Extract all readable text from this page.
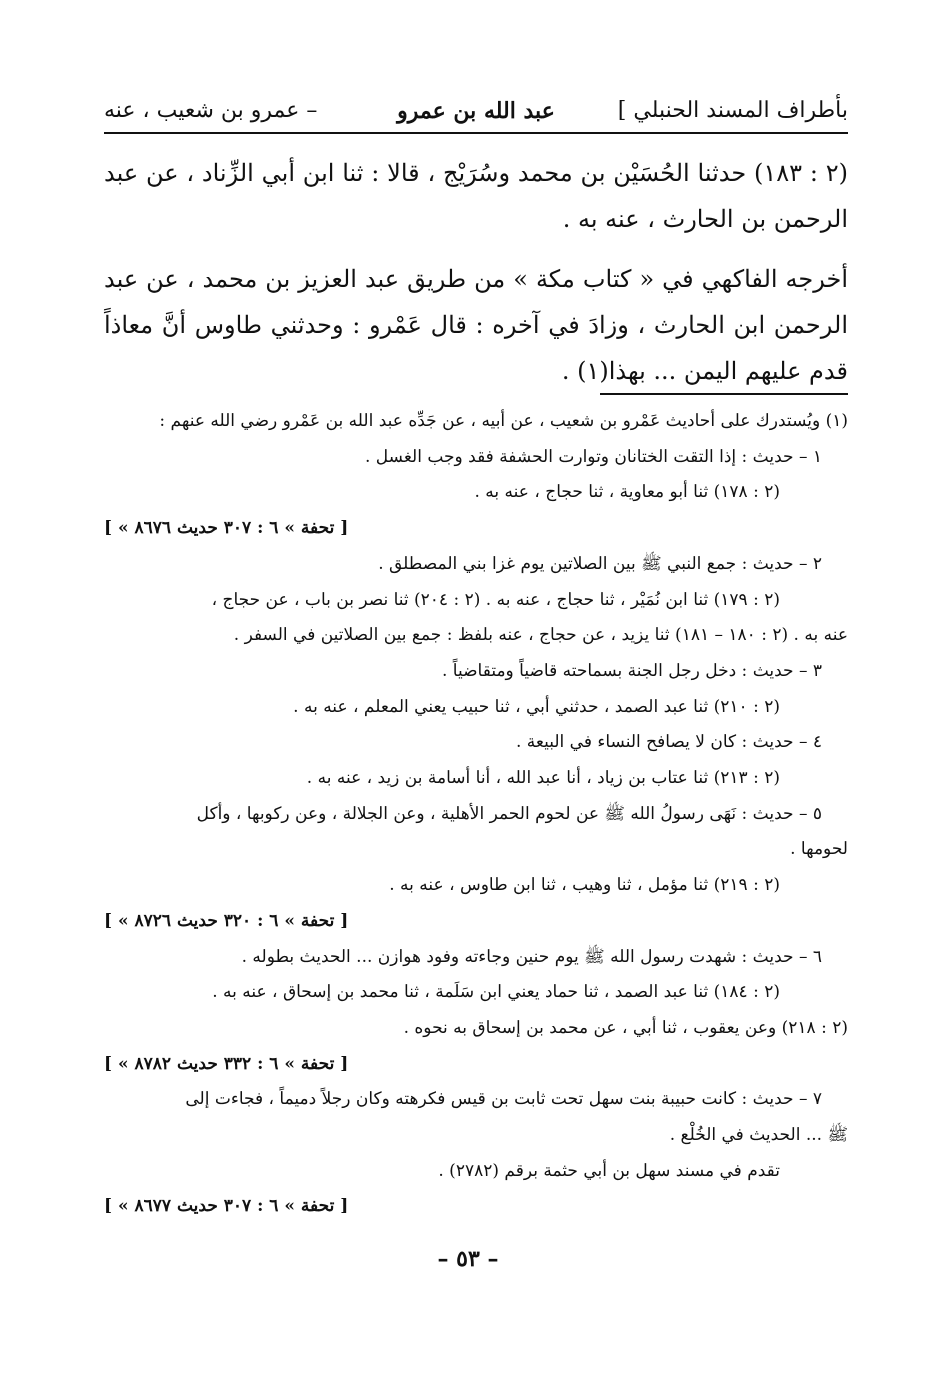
بأطراف المسند الحنبلي ]
عبد الله بن عمرو
– عمرو بن شعيب ، عنه

(٢ : ١٨٣) حدثنا الحُسَيْن بن محمد وسُرَيْج ، قالا : ثنا ابن أبي الزِّناد ، عن عبد الرحمن بن الحارث ، عنه به .

أخرجه الفاكهي في « كتاب مكة » من طريق عبد العزيز بن محمد ، عن عبد الرحمن ابن الحارث ، وزادَ في آخره : قال عَمْرو : وحدثني طاوس أنَّ معاذاً قدم عليهم اليمن ... بهذا(١) .

(١) ويُستدرك على أحاديث عَمْرو بن شعيب ، عن أبيه ، عن جَدِّه عبد الله بن عَمْرو رضي الله عنهم :
١ – حديث : إذا التقت الختانان وتوارت الحشفة فقد وجب الغسل .
(٢ : ١٧٨) ثنا أبو معاوية ، ثنا حجاج ، عنه به .
[ « تحفة » ٦ : ٣٠٧ حديث ٨٦٧٦ ]
٢ – حديث : جمع النبي ﷺ بين الصلاتين يوم غزا بني المصطلق .
(٢ : ١٧٩) ثنا ابن نُمَيْر ، ثنا حجاج ، عنه به . (٢ : ٢٠٤) ثنا نصر بن باب ، عن حجاج ،
عنه به . (٢ : ١٨٠ – ١٨١) ثنا يزيد ، عن حجاج ، عنه بلفظ : جمع بين الصلاتين في السفر .
٣ – حديث : دخل رجل الجنة بسماحته قاضياً ومتقاضياً .
(٢ : ٢١٠) ثنا عبد الصمد ، حدثني أبي ، ثنا حبيب يعني المعلم ، عنه به .
٤ – حديث : كان لا يصافح النساء في البيعة .
(٢ : ٢١٣) ثنا عتاب بن زياد ، أنا عبد الله ، أنا أسامة بن زيد ، عنه به .
٥ – حديث : نَهَى رسولُ الله ﷺ عن لحوم الحمر الأهلية ، وعن الجلالة ، وعن ركوبها ، وأكل
لحومها .
(٢ : ٢١٩) ثنا مؤمل ، ثنا وهيب ، ثنا ابن طاوس ، عنه به .
[ « تحفة » ٦ : ٣٢٠ حديث ٨٧٢٦ ]
٦ – حديث : شهدت رسول الله ﷺ يوم حنين وجاءته وفود هوازن ... الحديث بطوله .
(٢ : ١٨٤) ثنا عبد الصمد ، ثنا حماد يعني ابن سَلَمة ، ثنا محمد بن إسحاق ، عنه به .
(٢ : ٢١٨) وعن يعقوب ، ثنا أبي ، عن محمد بن إسحاق به نحوه .
[ « تحفة » ٦ : ٣٣٢ حديث ٨٧٨٢ ]
٧ – حديث : كانت حبيبة بنت سهل تحت ثابت بن قيس فكرهته وكان رجلاً دميماً ، فجاءت إلى
ﷺ ... الحديث في الخُلْع .
تقدم في مسند سهل بن أبي حثمة برقم (٢٧٨٢) .
[ « تحفة » ٦ : ٣٠٧ حديث ٨٦٧٧ ]
– ٥٣ –
